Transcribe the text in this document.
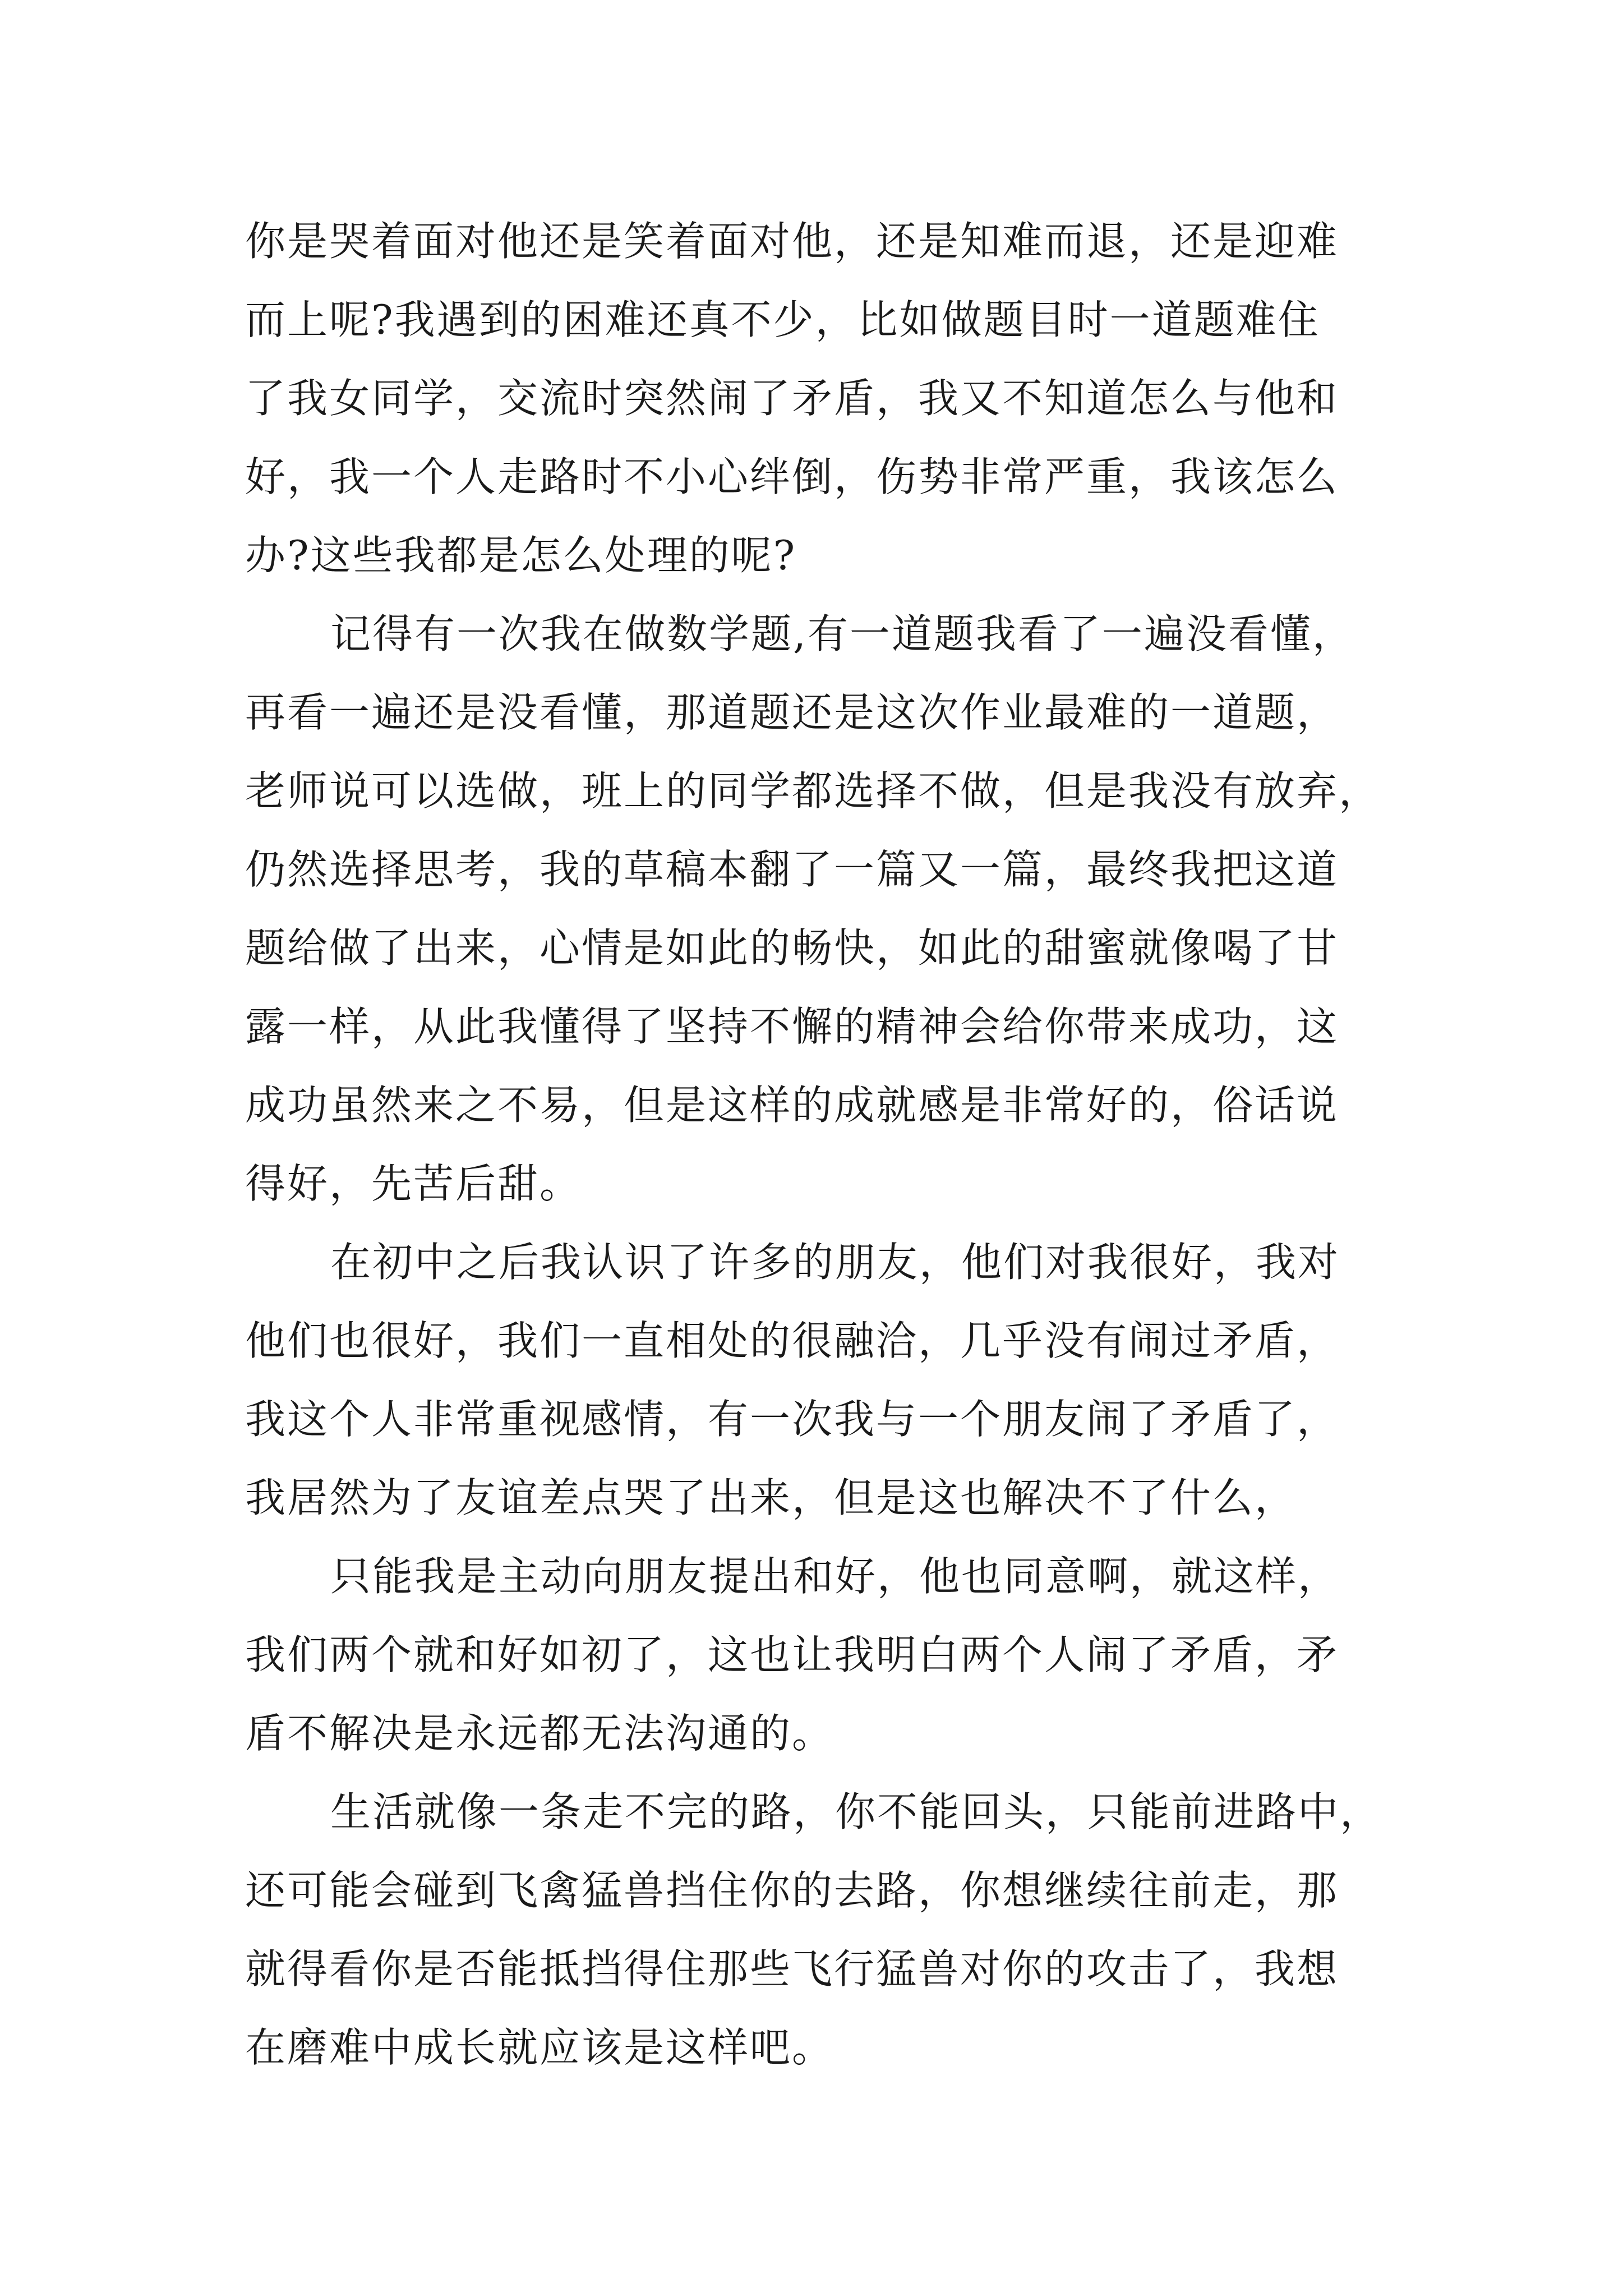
你是哭着面对他还是笑着面对他，还是知难而退，还是迎难
而上呢?我遇到的困难还真不少，比如做题目时一道题难住
了我女同学，交流时突然闹了矛盾，我又不知道怎么与他和
好，我一个人走路时不小心绊倒，伤势非常严重，我该怎么
办?这些我都是怎么处理的呢?
记得有一次我在做数学题,有一道题我看了一遍没看懂，
再看一遍还是没看懂，那道题还是这次作业最难的一道题，
老师说可以选做，班上的同学都选择不做，但是我没有放弃，
仍然选择思考，我的草稿本翻了一篇又一篇，最终我把这道
题给做了出来，心情是如此的畅快，如此的甜蜜就像喝了甘
露一样，从此我懂得了坚持不懈的精神会给你带来成功，这
成功虽然来之不易，但是这样的成就感是非常好的，俗话说
得好，先苦后甜。
在初中之后我认识了许多的朋友，他们对我很好，我对
他们也很好，我们一直相处的很融洽，几乎没有闹过矛盾，
我这个人非常重视感情，有一次我与一个朋友闹了矛盾了，
我居然为了友谊差点哭了出来，但是这也解决不了什么，
只能我是主动向朋友提出和好，他也同意啊，就这样，
我们两个就和好如初了，这也让我明白两个人闹了矛盾，矛
盾不解决是永远都无法沟通的。
生活就像一条走不完的路，你不能回头，只能前进路中，
还可能会碰到飞禽猛兽挡住你的去路，你想继续往前走，那
就得看你是否能抵挡得住那些飞行猛兽对你的攻击了，我想
在磨难中成长就应该是这样吧。
